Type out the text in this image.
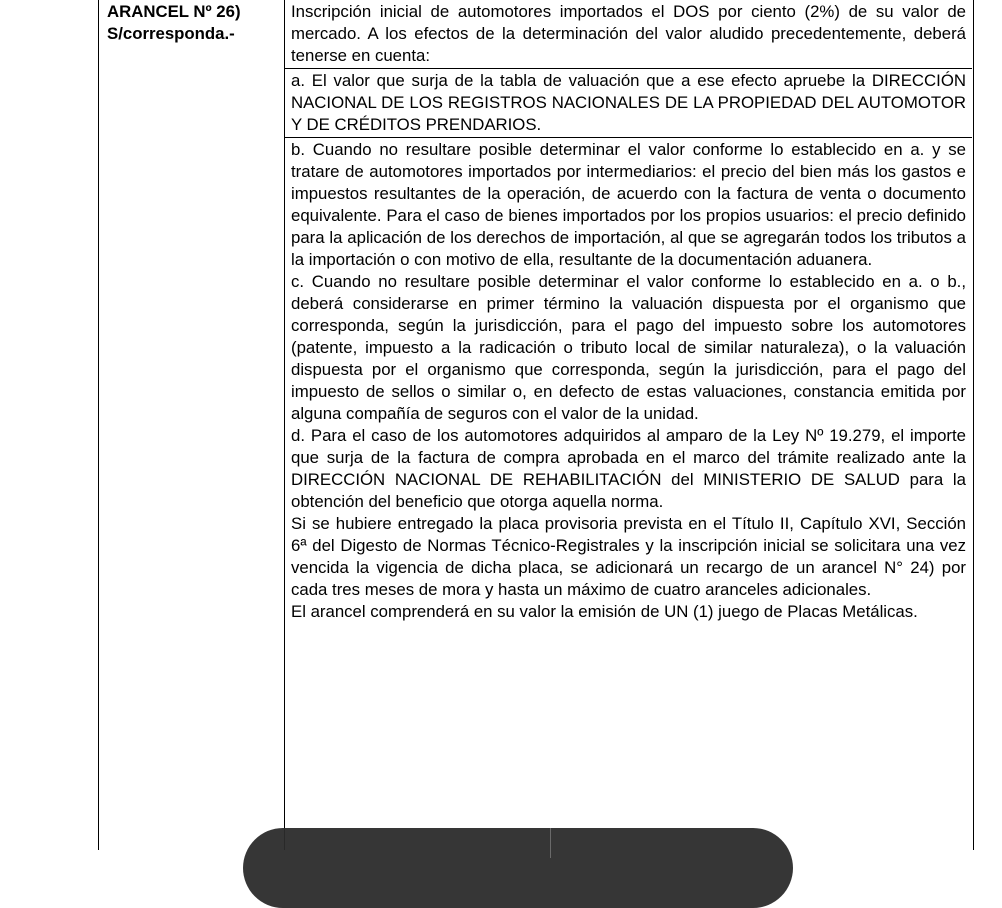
ARANCEL Nº 26)
S/corresponda.-

Inscripción inicial de automotores importados el DOS por ciento (2%) de su valor de mercado. A los efectos de la determinación del valor aludido precedentemente, deberá tenerse en cuenta:

a. El valor que surja de la tabla de valuación que a ese efecto apruebe la DIRECCIÓN NACIONAL DE LOS REGISTROS NACIONALES DE LA PROPIEDAD DEL AUTOMOTOR Y DE CRÉDITOS PRENDARIOS.

b. Cuando no resultare posible determinar el valor conforme lo establecido en a. y se tratare de automotores importados por intermediarios: el precio del bien más los gastos e impuestos resultantes de la operación, de acuerdo con la factura de venta o documento equivalente. Para el caso de bienes importados por los propios usuarios: el precio definido para la aplicación de los derechos de importación, al que se agregarán todos los tributos a la importación o con motivo de ella, resultante de la documentación aduanera.

c. Cuando no resultare posible determinar el valor conforme lo establecido en a. o b., deberá considerarse en primer término la valuación dispuesta por el organismo que corresponda, según la jurisdicción, para el pago del impuesto sobre los automotores (patente, impuesto a la radicación o tributo local de similar naturaleza), o la valuación dispuesta por el organismo que corresponda, según la jurisdicción, para el pago del impuesto de sellos o similar o, en defecto de estas valuaciones, constancia emitida por alguna compañía de seguros con el valor de la unidad.

d. Para el caso de los automotores adquiridos al amparo de la Ley Nº 19.279, el importe que surja de la factura de compra aprobada en el marco del trámite realizado ante la DIRECCIÓN NACIONAL DE REHABILITACIÓN del MINISTERIO DE SALUD para la obtención del beneficio que otorga aquella norma.

Si se hubiere entregado la placa provisoria prevista en el Título II, Capítulo XVI, Sección 6ª del Digesto de Normas Técnico-Registrales y la inscripción inicial se solicitara una vez vencida la vigencia de dicha placa, se adicionará un recargo de un arancel N° 24) por cada tres meses de mora y hasta un máximo de cuatro aranceles adicionales.

El arancel comprenderá en su valor la emisión de UN (1) juego de Placas Metálicas.
